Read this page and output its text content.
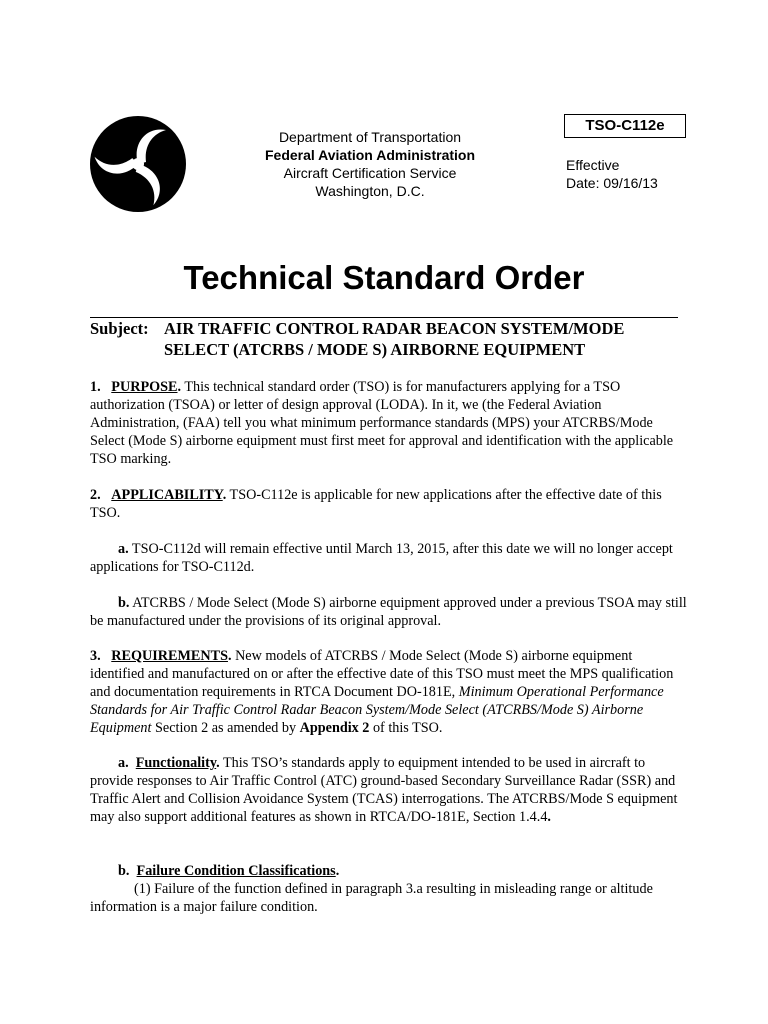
Department of Transportation
Federal Aviation Administration
Aircraft Certification Service
Washington, D.C.
TSO-C112e
Effective
Date: 09/16/13
Technical Standard Order
Subject: AIR TRAFFIC CONTROL RADAR BEACON SYSTEM/MODE
SELECT (ATCRBS / MODE S) AIRBORNE EQUIPMENT
1. PURPOSE. This technical standard order (TSO) is for manufacturers applying for a TSO authorization (TSOA) or letter of design approval (LODA). In it, we (the Federal Aviation Administration, (FAA) tell you what minimum performance standards (MPS) your ATCRBS/Mode Select (Mode S) airborne equipment must first meet for approval and identification with the applicable TSO marking.
2. APPLICABILITY. TSO-C112e is applicable for new applications after the effective date of this TSO.
a. TSO-C112d will remain effective until March 13, 2015, after this date we will no longer accept applications for TSO-C112d.
b. ATCRBS / Mode Select (Mode S) airborne equipment approved under a previous TSOA may still be manufactured under the provisions of its original approval.
3. REQUIREMENTS. New models of ATCRBS / Mode Select (Mode S) airborne equipment identified and manufactured on or after the effective date of this TSO must meet the MPS qualification and documentation requirements in RTCA Document DO-181E, Minimum Operational Performance Standards for Air Traffic Control Radar Beacon System/Mode Select (ATCRBS/Mode S) Airborne Equipment Section 2 as amended by Appendix 2 of this TSO.
a. Functionality. This TSO’s standards apply to equipment intended to be used in aircraft to provide responses to Air Traffic Control (ATC) ground-based Secondary Surveillance Radar (SSR) and Traffic Alert and Collision Avoidance System (TCAS) interrogations. The ATCRBS/Mode S equipment may also support additional features as shown in RTCA/DO-181E, Section 1.4.4.
b. Failure Condition Classifications.
(1) Failure of the function defined in paragraph 3.a resulting in misleading range or altitude information is a major failure condition.
